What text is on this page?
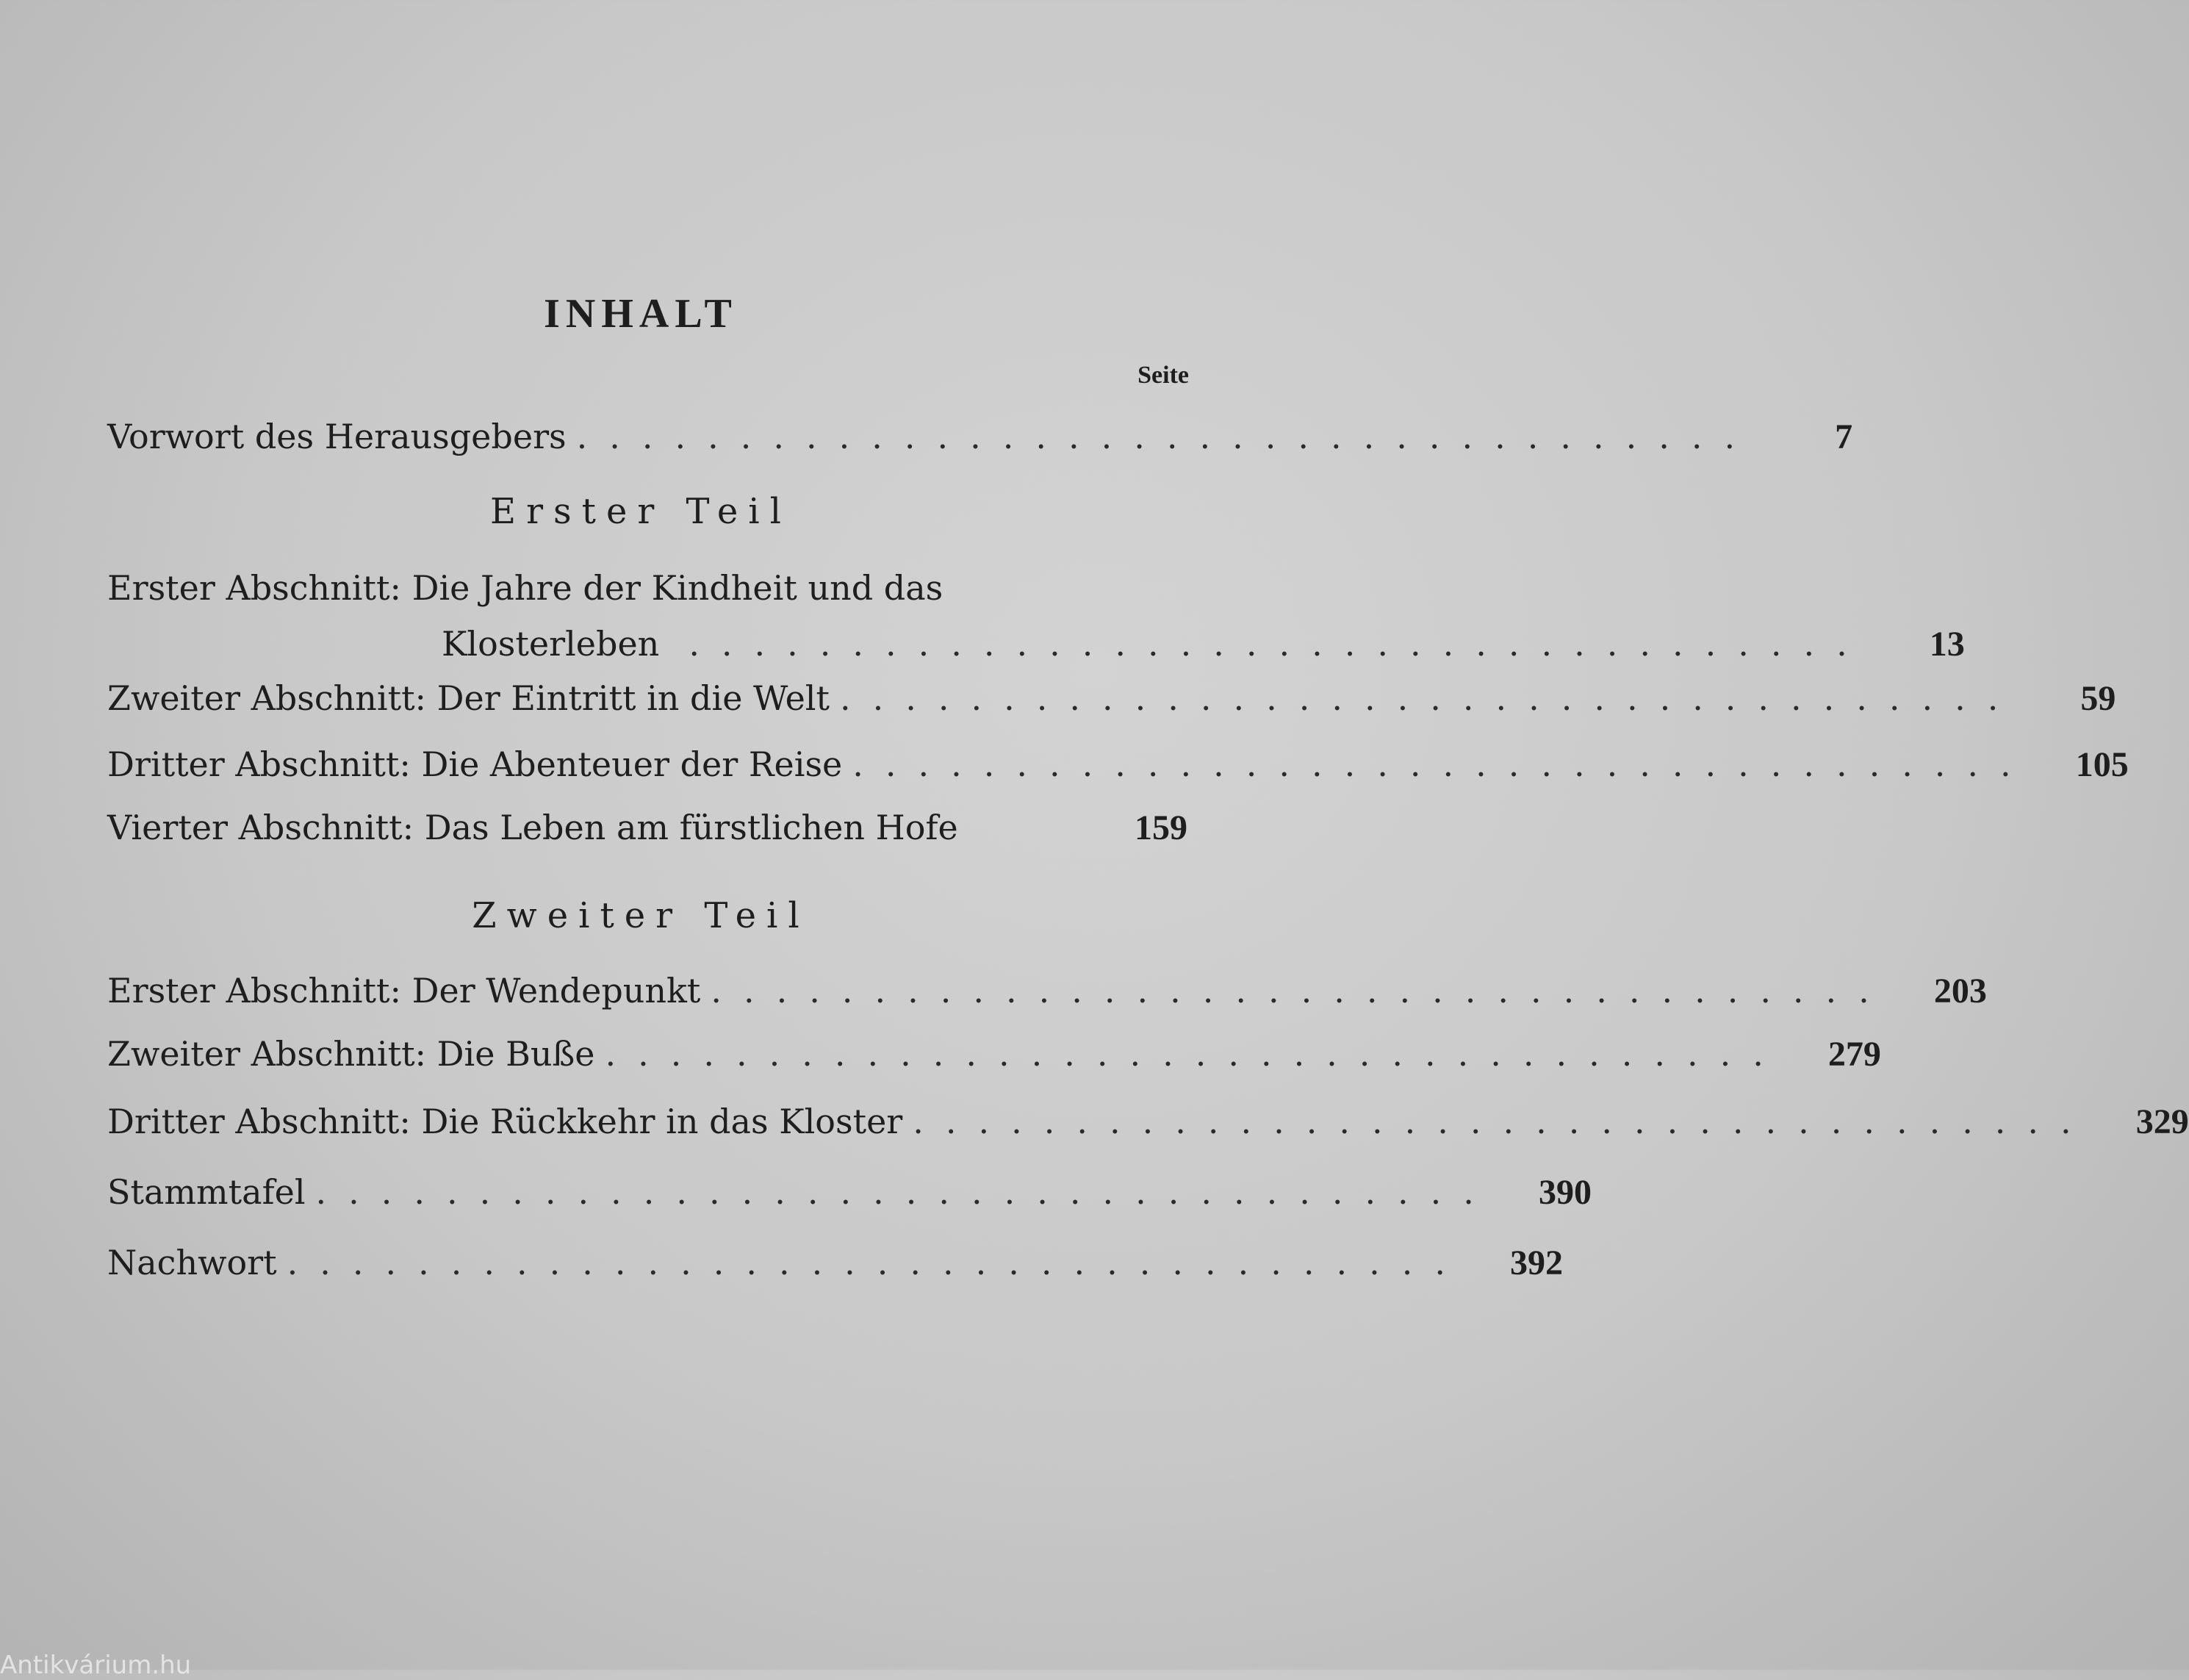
INHALT
Seite
Vorwort des Herausgebers ....................................	7
Erster Teil
Erster Abschnitt: Die Jahre der Kindheit und das
Klosterleben ....................................	13
Zweiter Abschnitt: Der Eintritt in die Welt ....................................	59
Dritter Abschnitt: Die Abenteuer der Reise ....................................	105
Vierter Abschnitt: Das Leben am fürstlichen Hofe	159
Zweiter Teil
Erster Abschnitt: Der Wendepunkt ....................................	203
Zweiter Abschnitt: Die Buße ....................................	279
Dritter Abschnitt: Die Rückkehr in das Kloster ....................................	329
Stammtafel ....................................	390
Nachwort ....................................	392
Antikvárium.hu
